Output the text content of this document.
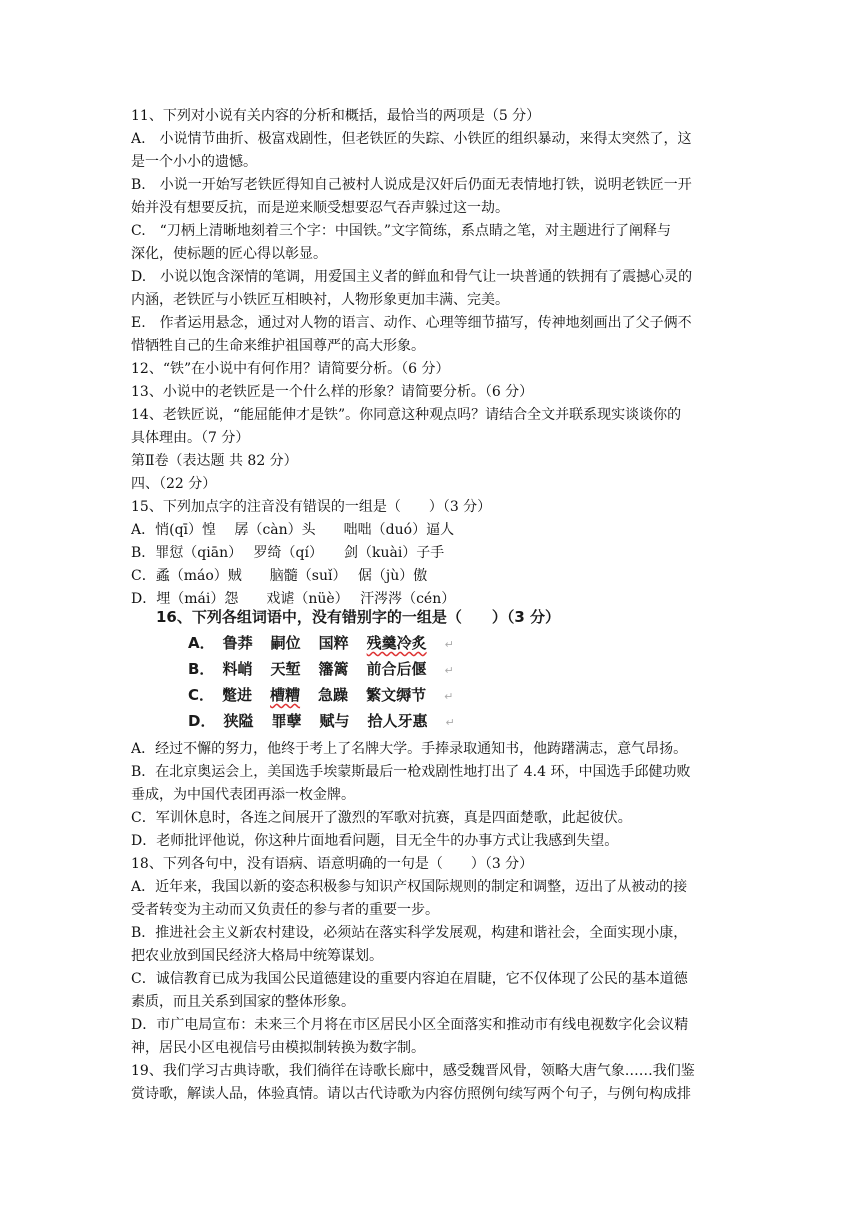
11、下列对小说有关内容的分析和概括，最恰当的两项是（5 分）
A.　小说情节曲折、极富戏剧性，但老铁匠的失踪、小铁匠的组织暴动，来得太突然了，这
是一个小小的遗憾。
B.　小说一开始写老铁匠得知自己被村人说成是汉奸后仍面无表情地打铁，说明老铁匠一开
始并没有想要反抗，而是逆来顺受想要忍气吞声躲过这一劫。
C.　“刀柄上清晰地刻着三个字：中国铁。”文字简练，系点睛之笔，对主题进行了阐释与
深化，使标题的匠心得以彰显。
D.　小说以饱含深情的笔调，用爱国主义者的鲜血和骨气让一块普通的铁拥有了震撼心灵的
内涵，老铁匠与小铁匠互相映衬，人物形象更加丰满、完美。
E.　作者运用悬念，通过对人物的语言、动作、心理等细节描写，传神地刻画出了父子俩不
惜牺牲自己的生命来维护祖国尊严的高大形象。
12、“铁”在小说中有何作用？请简要分析。（6 分）
13、小说中的老铁匠是一个什么样的形象？请简要分析。（6 分）
14、老铁匠说，“能屈能伸才是铁”。你同意这种观点吗？请结合全文并联系现实谈谈你的
具体理由。（7 分）
第Ⅱ卷（表达题 共 82 分）
四、（22 分）
15、下列加点字的注音没有错误的一组是（　　）（3 分）
A．悄(qī）惶　 孱（càn）头　　咄咄（duó）逼人
B．罪愆（qiān）　 罗绮（qí）　　剑（kuài）子手
C．蟊（máo）贼　　脑髓（suǐ）　 倨（jù）傲
D．埋（mái）怨　　戏谑（nüè）　 汗涔涔（cén）
16、下列各组词语中，没有错别字的一组是（　　）（3 分）
A． 鲁莽 嗣位 国粹 残羹冷炙 ↵
B． 料峭 天堑 籓篱 前合后偃 ↵
C． 蹩进 槽糟 急躁 繁文缛节 ↵
D． 狭隘 罪孽 赋与 拾人牙惠 ↵
A．经过不懈的努力，他终于考上了名牌大学。手捧录取通知书，他踌躇满志，意气昂扬。
B．在北京奥运会上，美国选手埃蒙斯最后一枪戏剧性地打出了 4.4 环，中国选手邱健功败
垂成，为中国代表团再添一枚金牌。
C．军训休息时，各连之间展开了激烈的军歌对抗赛，真是四面楚歌，此起彼伏。
D．老师批评他说，你这种片面地看问题，目无全牛的办事方式让我感到失望。
18、下列各句中，没有语病、语意明确的一句是（　　）（3 分）
A．近年来，我国以新的姿态积极参与知识产权国际规则的制定和调整，迈出了从被动的接
受者转变为主动而又负责任的参与者的重要一步。
B．推进社会主义新农村建设，必须站在落实科学发展观，构建和谐社会，全面实现小康，
把农业放到国民经济大格局中统筹谋划。
C．诚信教育已成为我国公民道德建设的重要内容迫在眉睫，它不仅体现了公民的基本道德
素质，而且关系到国家的整体形象。
D．市广电局宣布：未来三个月将在市区居民小区全面落实和推动市有线电视数字化会议精
神，居民小区电视信号由模拟制转换为数字制。
19、我们学习古典诗歌，我们徜徉在诗歌长廊中，感受魏晋风骨，领略大唐气象……我们鉴
赏诗歌，解读人品，体验真情。请以古代诗歌为内容仿照例句续写两个句子，与例句构成排
